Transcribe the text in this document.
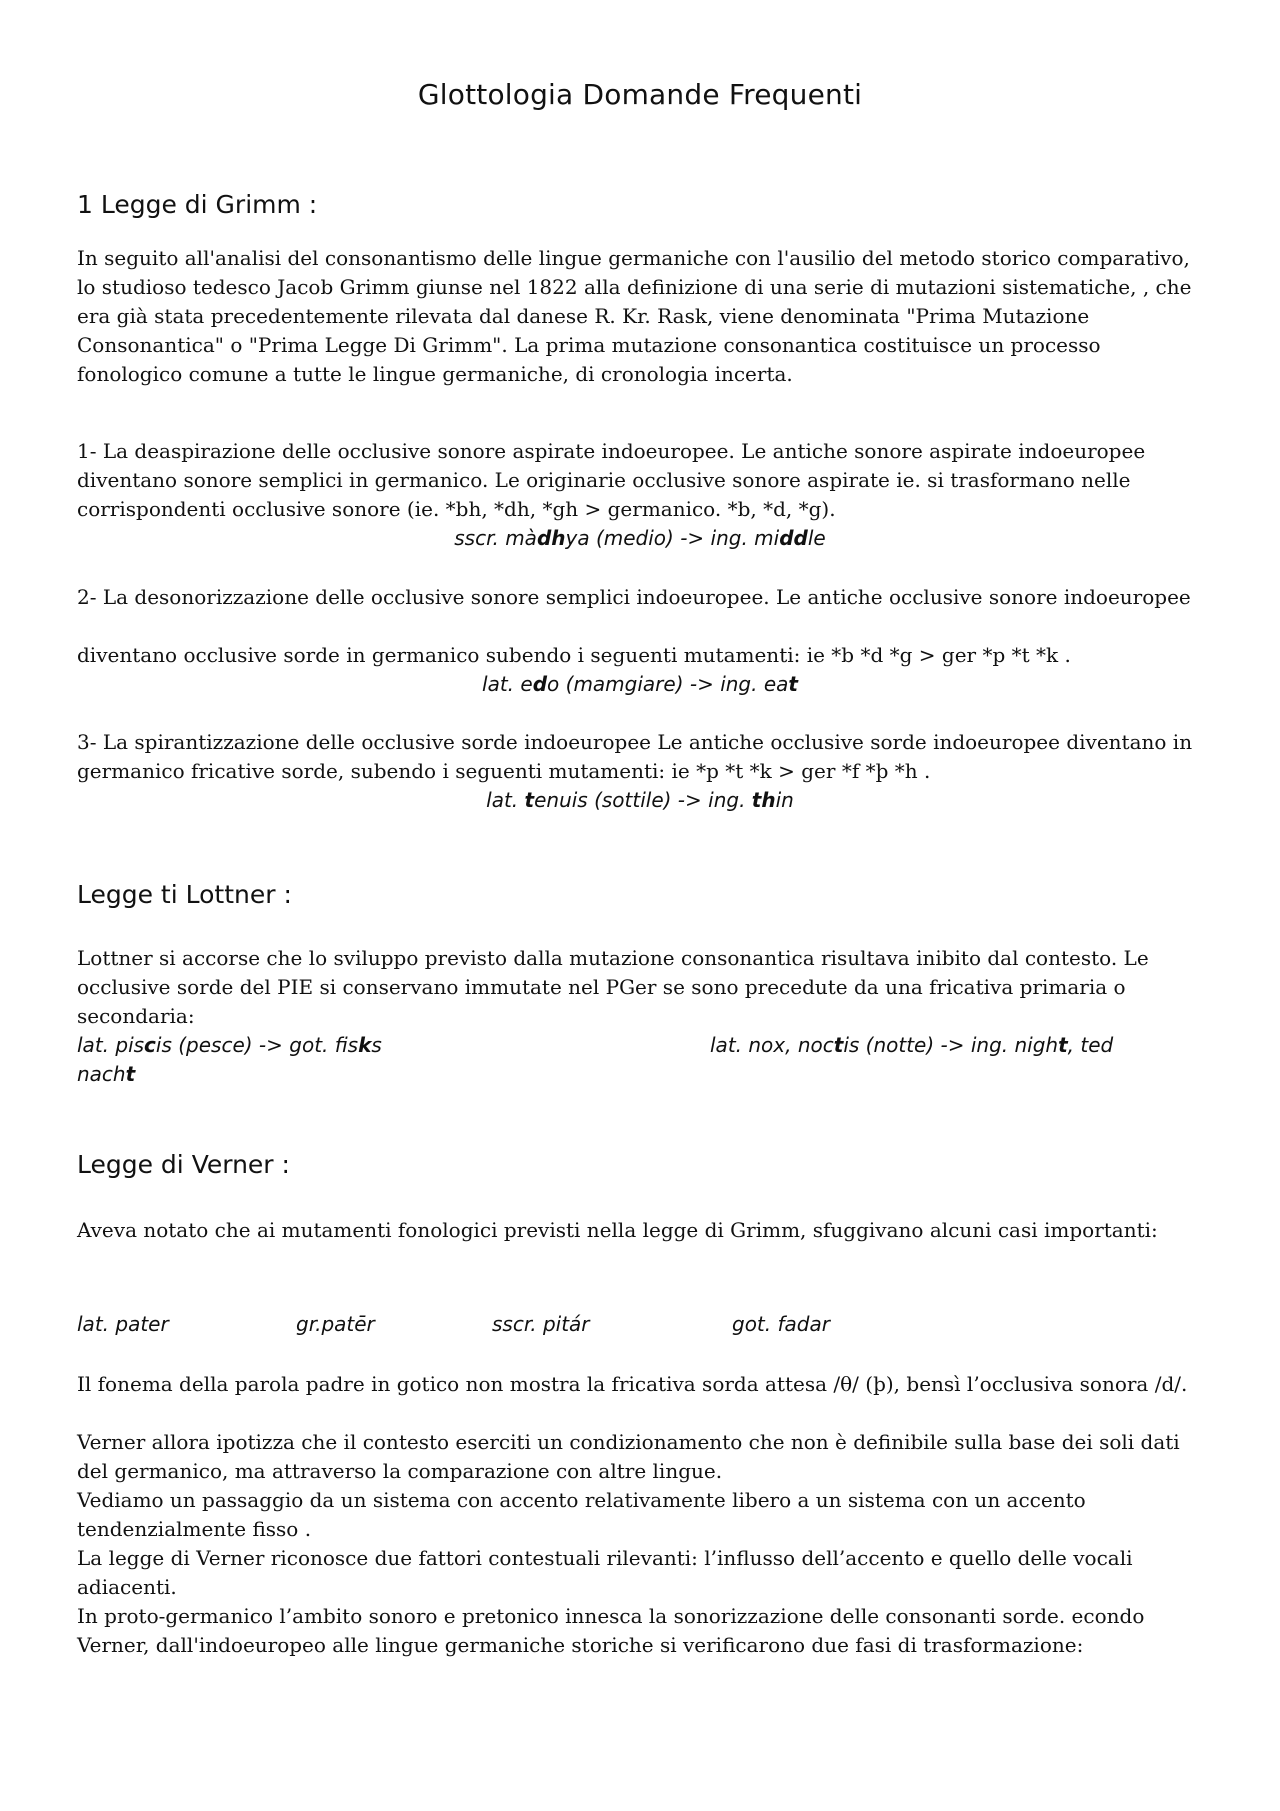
Glottologia Domande Frequenti
1 Legge di Grimm :

In seguito all'analisi del consonantismo delle lingue germaniche con l'ausilio del metodo storico comparativo, lo studioso tedesco Jacob Grimm giunse nel 1822 alla definizione di una serie di mutazioni sistematiche, , che era già stata precedentemente rilevata dal danese R. Kr. Rask, viene denominata "Prima Mutazione Consonantica" o "Prima Legge Di Grimm". La prima mutazione consonantica costituisce un processo fonologico comune a tutte le lingue germaniche, di cronologia incerta.

1- La deaspirazione delle occlusive sonore aspirate indoeuropee. Le antiche sonore aspirate indoeuropee diventano sonore semplici in germanico. Le originarie occlusive sonore aspirate ie. si trasformano nelle corrispondenti occlusive sonore (ie. *bh, *dh, *gh > germanico. *b, *d, *g).

sscr. màdhya (medio) -> ing. middle

2- La desonorizzazione delle occlusive sonore semplici indoeuropee. Le antiche occlusive sonore indoeuropee

diventano occlusive sorde in germanico subendo i seguenti mutamenti: ie *b *d *g > ger *p *t *k .

lat. edo (mamgiare) -> ing. eat

3- La spirantizzazione delle occlusive sorde indoeuropee Le antiche occlusive sorde indoeuropee diventano in germanico fricative sorde, subendo i seguenti mutamenti: ie *p *t *k > ger *f *þ *h .

lat. tenuis (sottile) -> ing. thin

Legge ti Lottner :

Lottner si accorse che lo sviluppo previsto dalla mutazione consonantica risultava inibito dal contesto. Le occlusive sorde del PIE si conservano immutate nel PGer se sono precedute da una fricativa primaria o secondaria:

lat. piscis (pesce) -> got. fisks	lat. nox, noctis (notte) -> ing. night, ted

nacht

Legge di Verner :

Aveva notato che ai mutamenti fonologici previsti nella legge di Grimm, sfuggivano alcuni casi importanti:

lat. pater	gr.patēr	sscr. pitár	got. fadar

Il fonema della parola padre in gotico non mostra la fricativa sorda attesa /θ/ (þ), bensì l’occlusiva sonora /d/.

Verner allora ipotizza che il contesto eserciti un condizionamento che non è definibile sulla base dei soli dati del germanico, ma attraverso la comparazione con altre lingue.

Vediamo un passaggio da un sistema con accento relativamente libero a un sistema con un accento tendenzialmente fisso .

La legge di Verner riconosce due fattori contestuali rilevanti: l’influsso dell’accento e quello delle vocali adiacenti.

In proto-germanico l’ambito sonoro e pretonico innesca la sonorizzazione delle consonanti sorde. econdo Verner, dall'indoeuropeo alle lingue germaniche storiche si verificarono due fasi di trasformazione:
